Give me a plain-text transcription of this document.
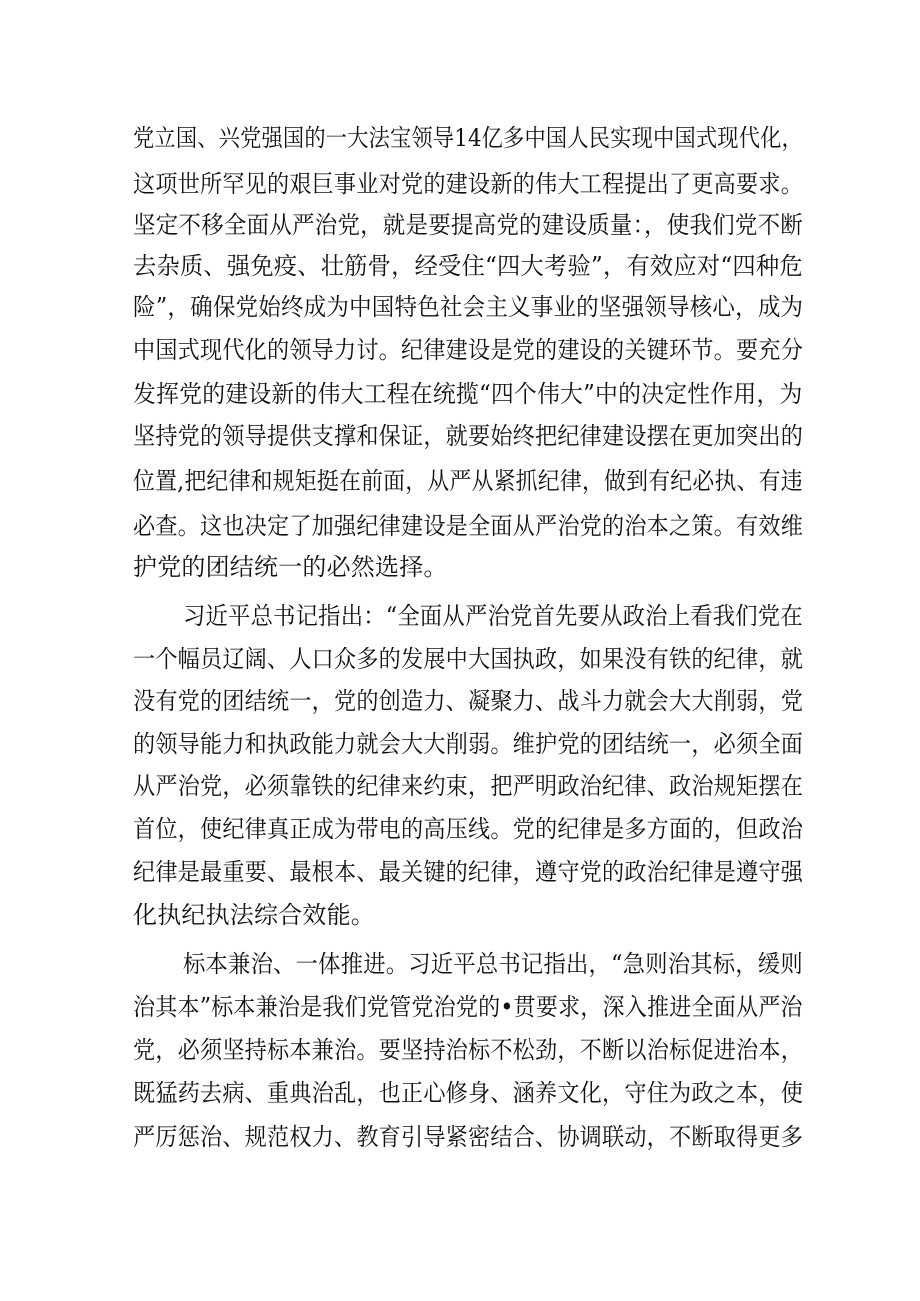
党立国、兴党强国的一大法宝领导14亿多中国人民实现中国式现代化，
这项世所罕见的艰巨事业对党的建设新的伟大工程提出了更高要求。
坚定不移全面从严治党，就是要提高党的建设质量：，使我们党不断
去杂质、强免疫、壮筋骨，经受住“四大考验”，有效应对“四种危
险”，确保党始终成为中国特色社会主义事业的坚强领导核心，成为
中国式现代化的领导力讨。纪律建设是党的建设的关键环节。要充分
发挥党的建设新的伟大工程在统揽“四个伟大”中的决定性作用，为
坚持党的领导提供支撑和保证，就要始终把纪律建设摆在更加突出的
位置,把纪律和规矩挺在前面，从严从紧抓纪律，做到有纪必执、有违
必查。这也决定了加强纪律建设是全面从严治党的治本之策。有效维
护党的团结统一的必然选择。
习近平总书记指出：“全面从严治党首先要从政治上看我们党在
一个幅员辽阔、人口众多的发展中大国执政，如果没有铁的纪律，就
没有党的团结统一，党的创造力、凝聚力、战斗力就会大大削弱，党
的领导能力和执政能力就会大大削弱。维护党的团结统一，必须全面
从严治党，必须靠铁的纪律来约束，把严明政治纪律、政治规矩摆在
首位，使纪律真正成为带电的高压线。党的纪律是多方面的，但政治
纪律是最重要、最根本、最关键的纪律，遵守党的政治纪律是遵守强
化执纪执法综合效能。
标本兼治、一体推进。习近平总书记指出，“急则治其标，缓则
治其本”标本兼治是我们党管党治党的•贯要求，深入推进全面从严治
党，必须坚持标本兼治。要坚持治标不松劲，不断以治标促进治本，
既猛药去病、重典治乱，也正心修身、涵养文化，守住为政之本，使
严厉惩治、规范权力、教育引导紧密结合、协调联动，不断取得更多
